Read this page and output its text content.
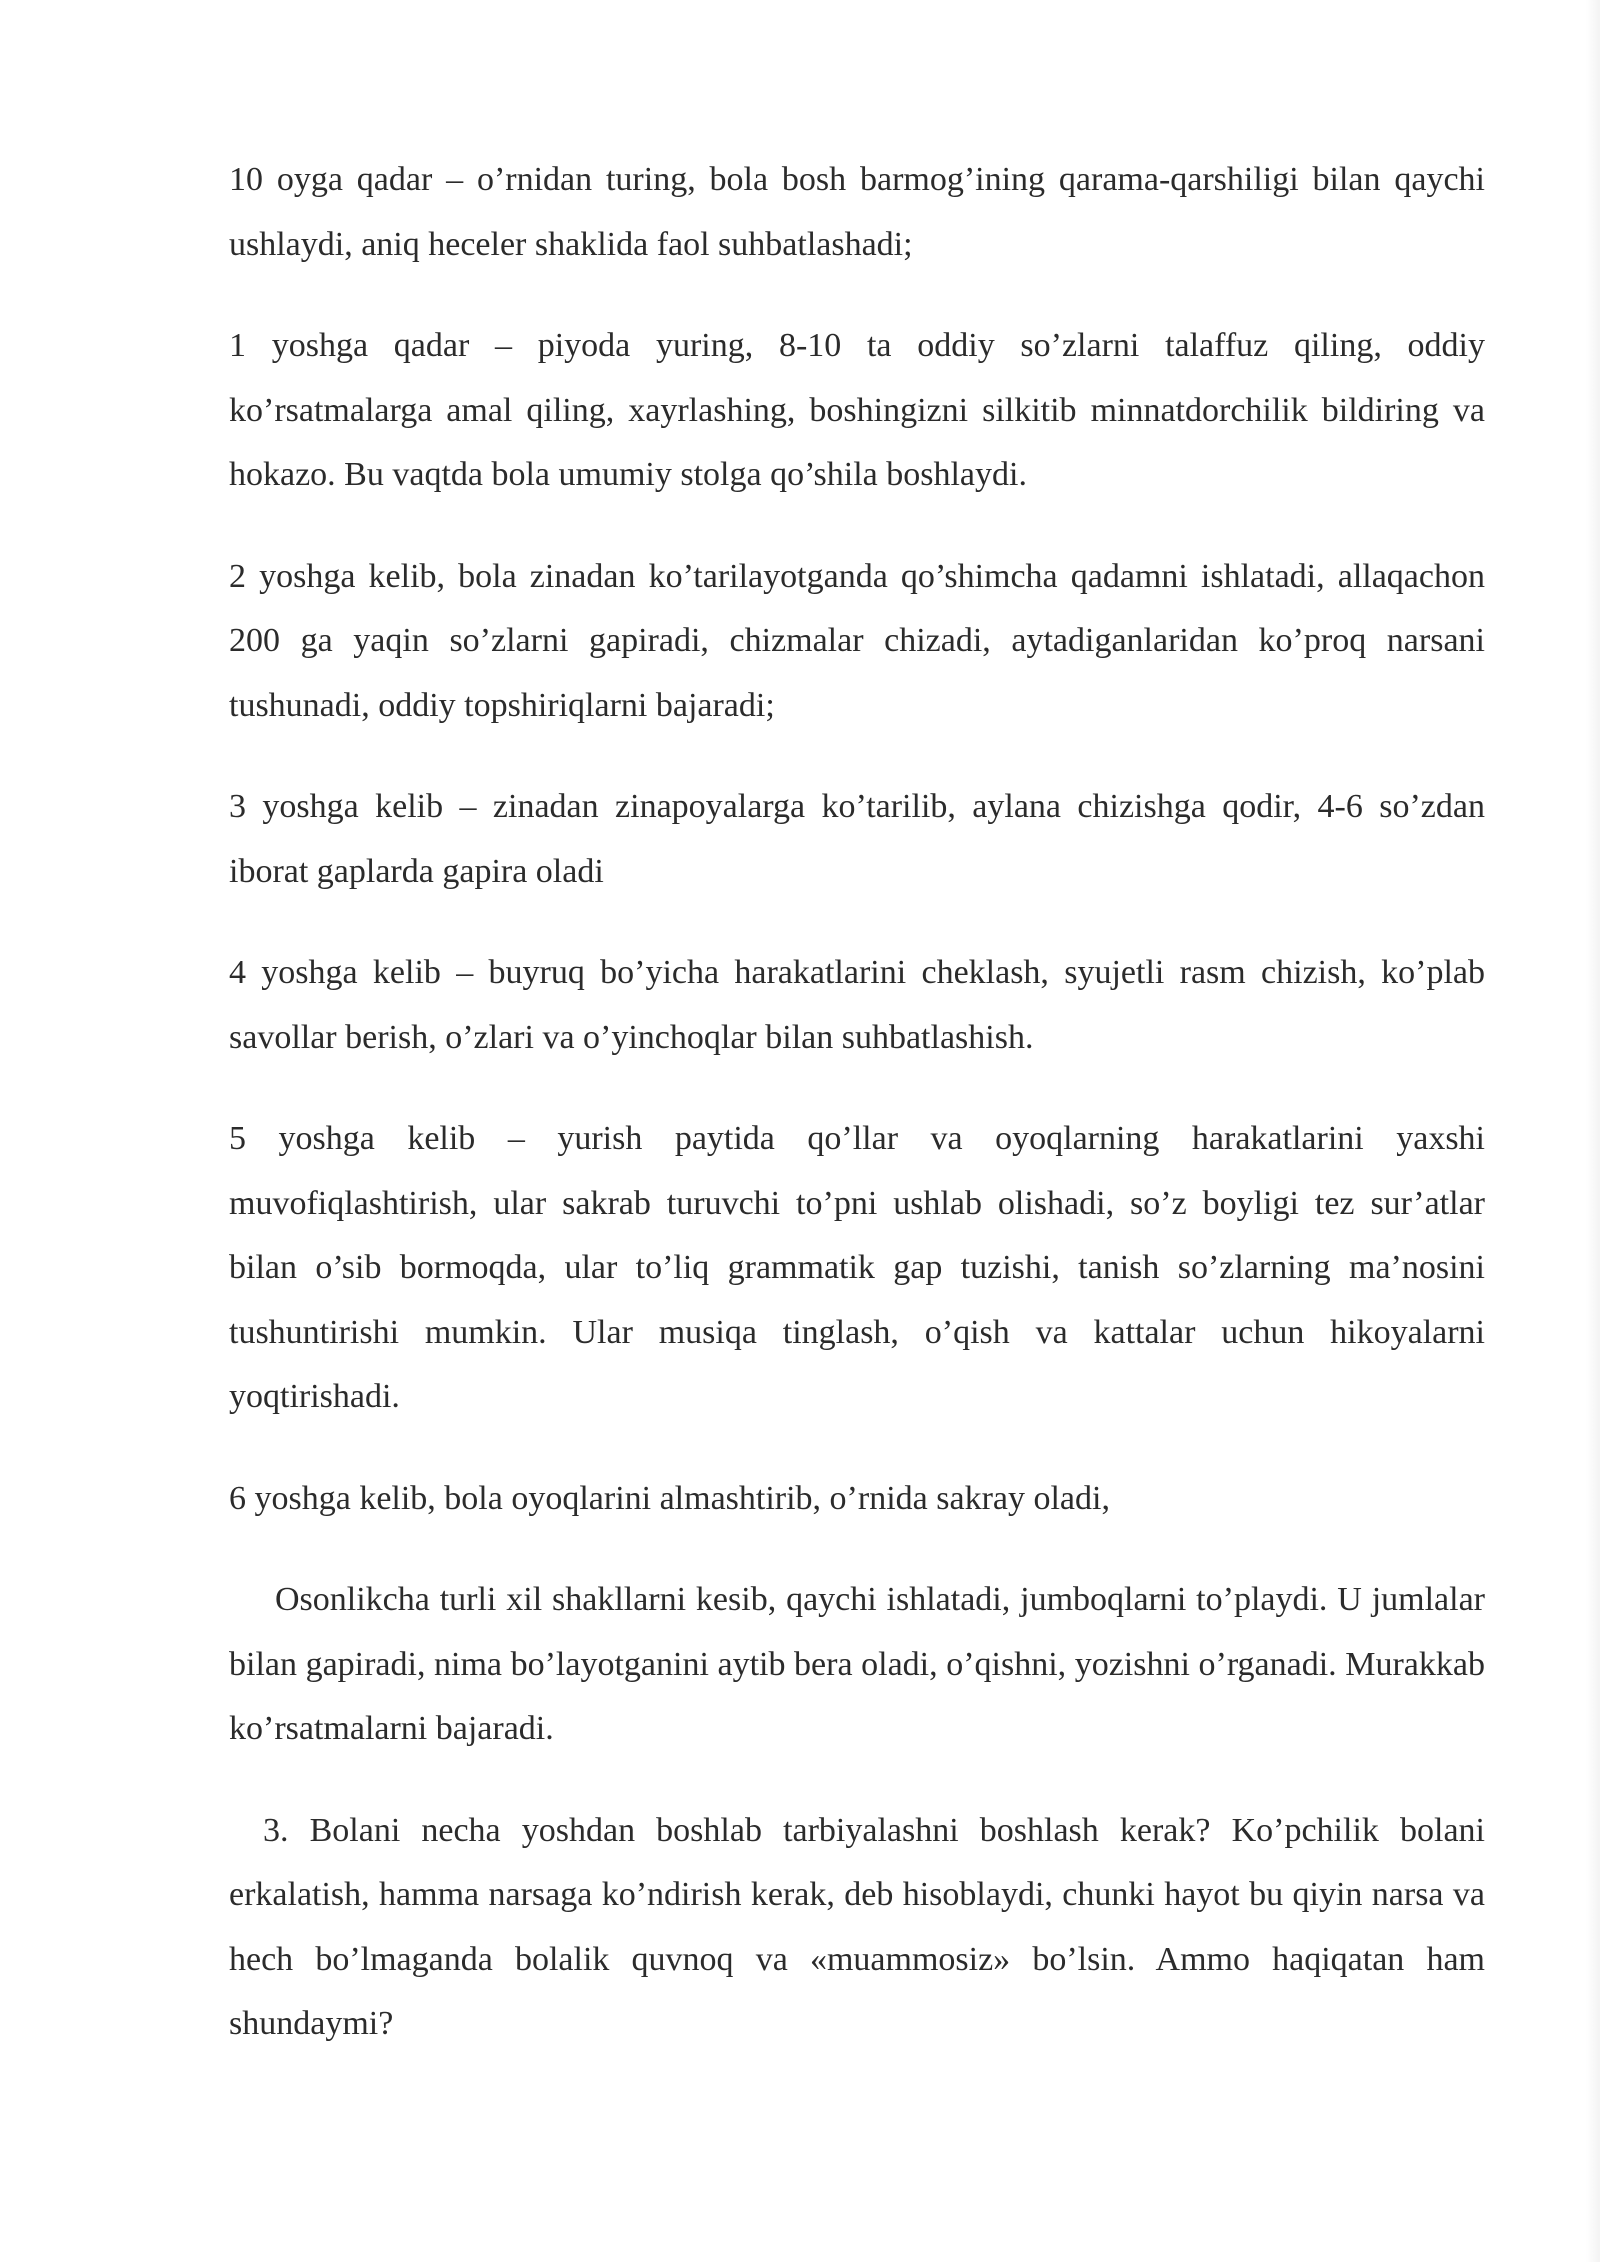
10 oyga qadar – o’rnidan turing, bola bosh barmog’ining qarama-qarshiligi bilan qaychi ushlaydi, aniq heceler shaklida faol suhbatlashadi;

1 yoshga qadar – piyoda yuring, 8-10 ta oddiy so’zlarni talaffuz qiling, oddiy ko’rsatmalarga amal qiling, xayrlashing, boshingizni silkitib minnatdorchilik bildiring va hokazo. Bu vaqtda bola umumiy stolga qo’shila boshlaydi.

2 yoshga kelib, bola zinadan ko’tarilayotganda qo’shimcha qadamni ishlatadi, allaqachon 200 ga yaqin so’zlarni gapiradi, chizmalar chizadi, aytadiganlaridan ko’proq narsani tushunadi, oddiy topshiriqlarni bajaradi;

3 yoshga kelib – zinadan zinapoyalarga ko’tarilib, aylana chizishga qodir, 4-6 so’zdan iborat gaplarda gapira oladi

4 yoshga kelib – buyruq bo’yicha harakatlarini cheklash, syujetli rasm chizish, ko’plab savollar berish, o’zlari va o’yinchoqlar bilan suhbatlashish.

5 yoshga kelib – yurish paytida qo’llar va oyoqlarning harakatlarini yaxshi muvofiqlashtirish, ular sakrab turuvchi to’pni ushlab olishadi, so’z boyligi tez sur’atlar bilan o’sib bormoqda, ular to’liq grammatik gap tuzishi, tanish so’zlarning ma’nosini tushuntirishi mumkin. Ular musiqa tinglash, o’qish va kattalar uchun hikoyalarni yoqtirishadi.

6 yoshga kelib, bola oyoqlarini almashtirib, o’rnida sakray oladi,

Osonlikcha turli xil shakllarni kesib, qaychi ishlatadi, jumboqlarni to’playdi. U jumlalar bilan gapiradi, nima bo’layotganini aytib bera oladi, o’qishni, yozishni o’rganadi. Murakkab ko’rsatmalarni bajaradi.

3. Bolani necha yoshdan boshlab tarbiyalashni boshlash kerak? Ko’pchilik bolani erkalatish, hamma narsaga ko’ndirish kerak, deb hisoblaydi, chunki hayot bu qiyin narsa va hech bo’lmaganda bolalik quvnoq va «muammosiz» bo’lsin. Ammo haqiqatan ham shundaymi?
